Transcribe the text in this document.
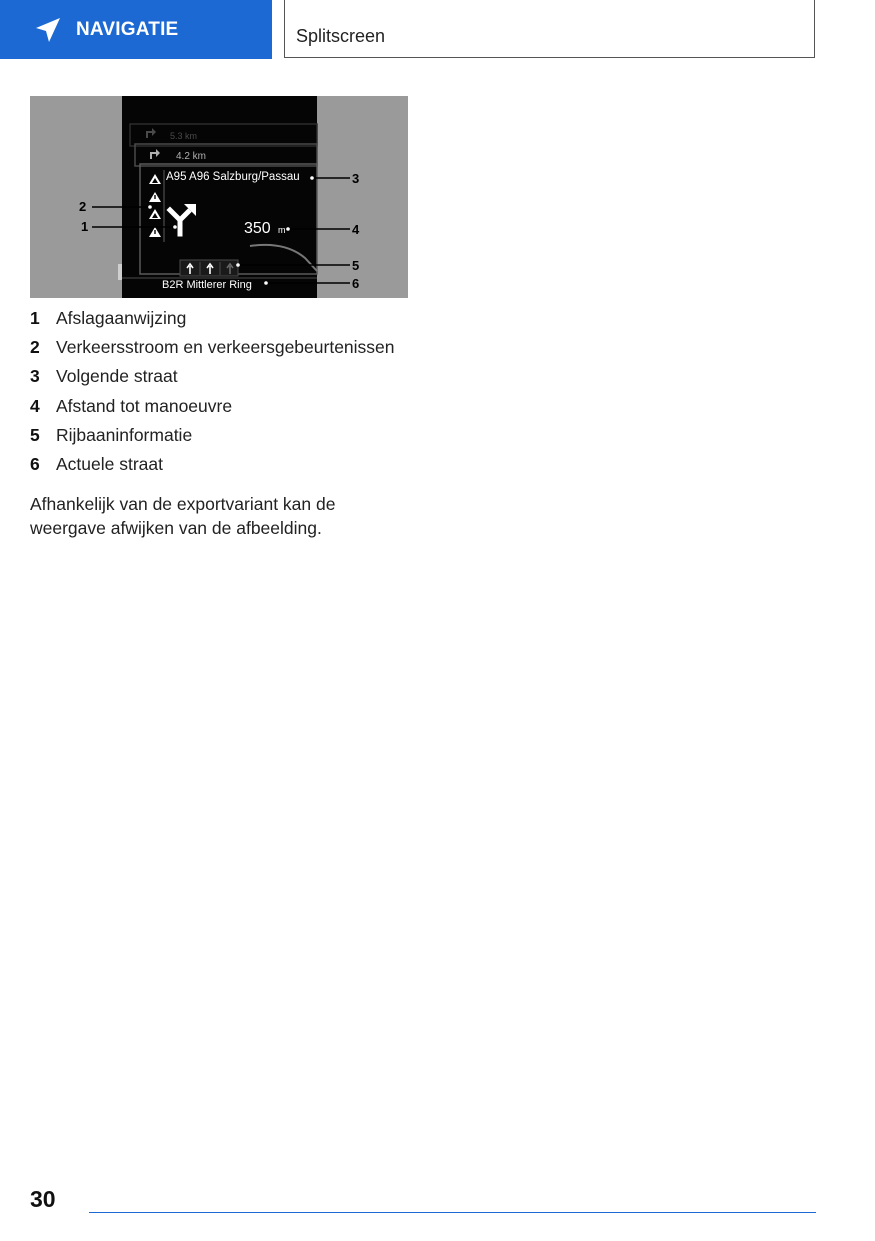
NAVIGATIE	Splitscreen
5.3 km
4.2 km
A95 A96 Salzburg/Passau
350 m
B2R Mittlerer Ring
2
1
3
4
5
6
1 Afslagaanwijzing
2 Verkeersstroom en verkeersgebeurtenissen
3 Volgende straat
4 Afstand tot manoeuvre
5 Rijbaaninformatie
6 Actuele straat

Afhankelijk van de exportvariant kan de weergave afwijken van de afbeelding.

30
